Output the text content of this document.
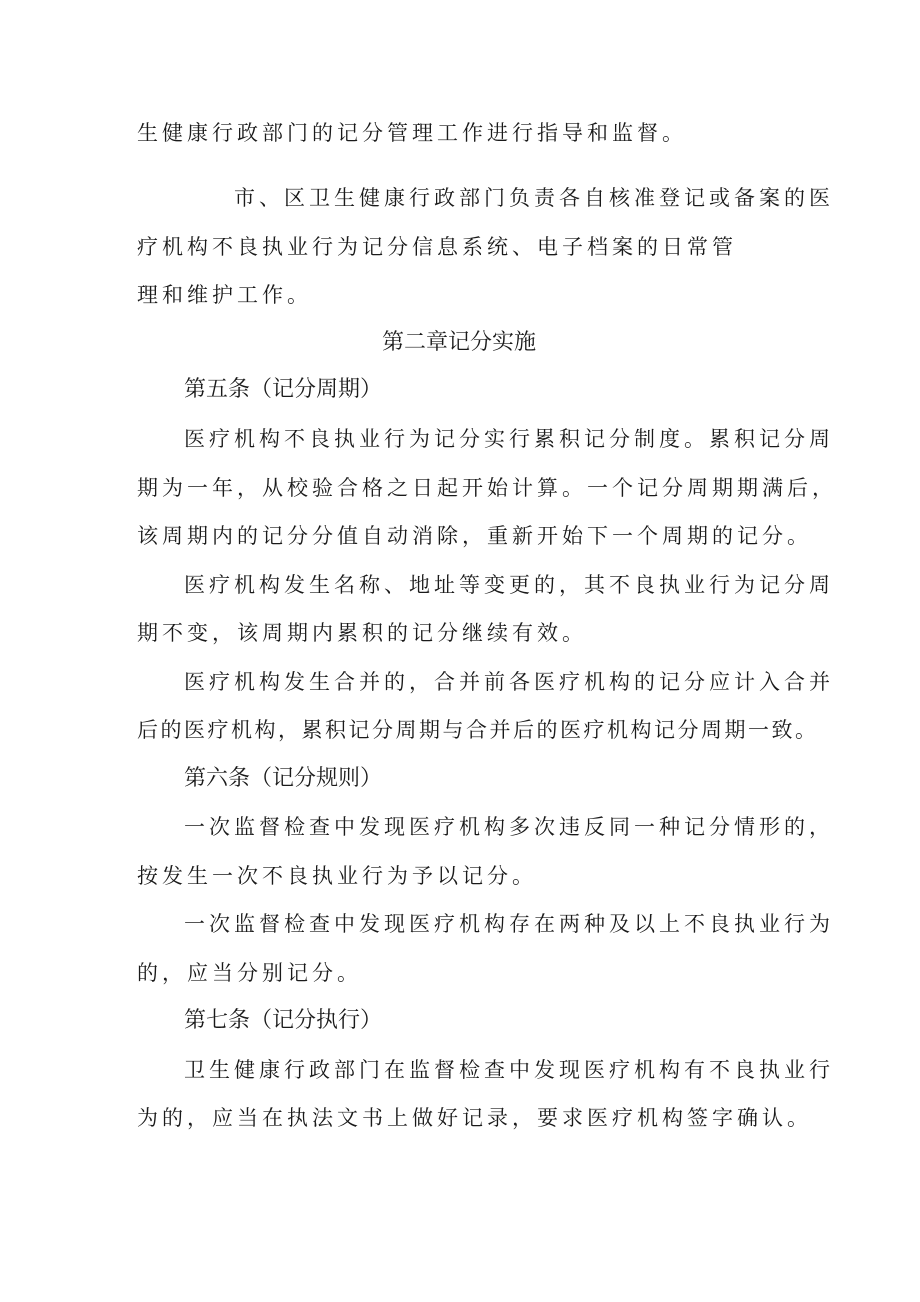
生健康行政部门的记分管理工作进行指导和监督。
市、区卫生健康行政部门负责各自核准登记或备案的医
疗机构不良执业行为记分信息系统、电子档案的日常管
理和维护工作。
第二章记分实施
第五条（记分周期）
医疗机构不良执业行为记分实行累积记分制度。累积记分周
期为一年，从校验合格之日起开始计算。一个记分周期期满后，
该周期内的记分分值自动消除，重新开始下一个周期的记分。
医疗机构发生名称、地址等变更的，其不良执业行为记分周
期不变，该周期内累积的记分继续有效。
医疗机构发生合并的，合并前各医疗机构的记分应计入合并
后的医疗机构，累积记分周期与合并后的医疗机构记分周期一致。
第六条（记分规则）
一次监督检查中发现医疗机构多次违反同一种记分情形的，
按发生一次不良执业行为予以记分。
一次监督检查中发现医疗机构存在两种及以上不良执业行为
的，应当分别记分。
第七条（记分执行）
卫生健康行政部门在监督检查中发现医疗机构有不良执业行
为的，应当在执法文书上做好记录，要求医疗机构签字确认。
